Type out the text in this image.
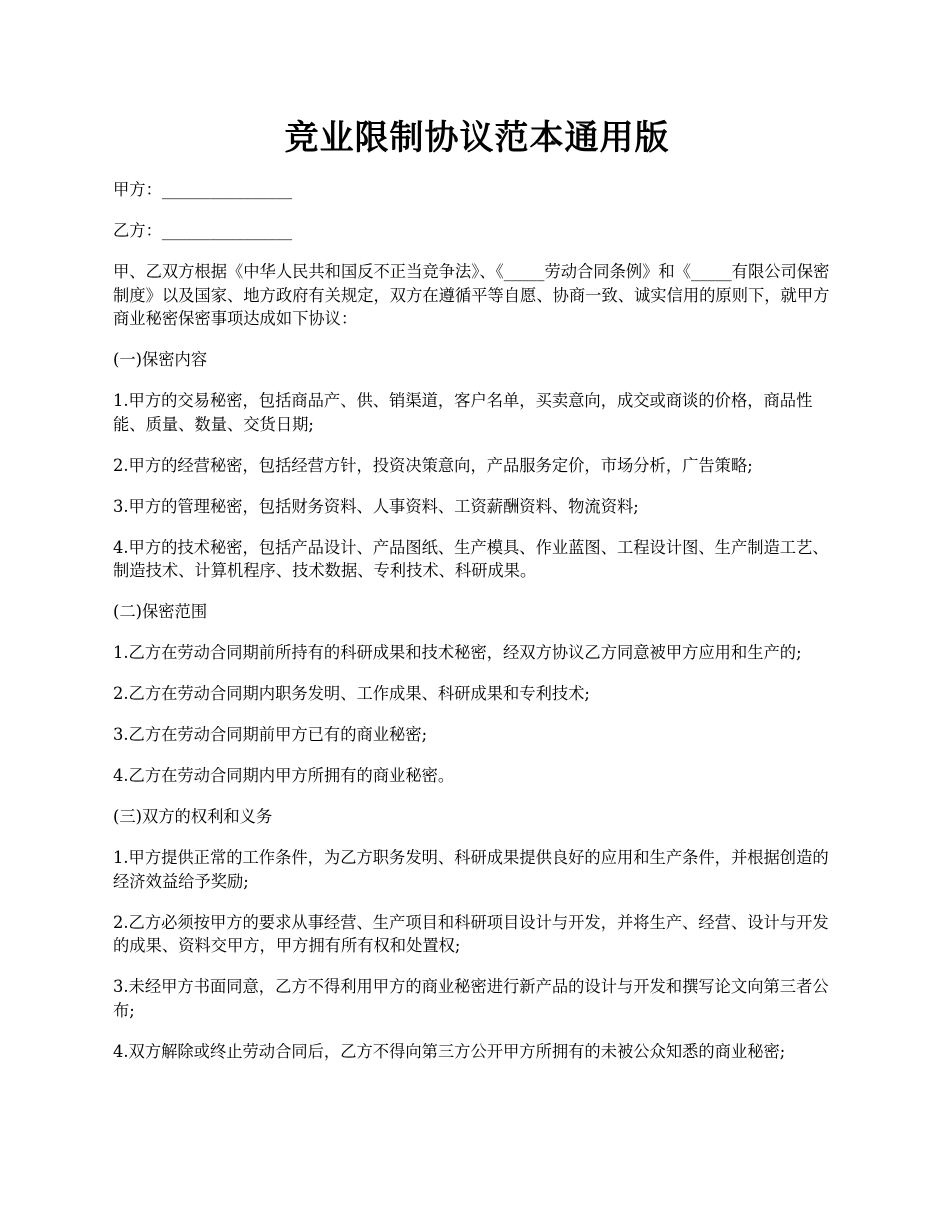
竞业限制协议范本通用版

甲方：________________

乙方：________________

甲、乙双方根据《中华人民共和国反不正当竞争法》、《_____劳动合同条例》和《_____有限公司保密制度》以及国家、地方政府有关规定，双方在遵循平等自愿、协商一致、诚实信用的原则下，就甲方商业秘密保密事项达成如下协议：

(一)保密内容

1.甲方的交易秘密，包括商品产、供、销渠道，客户名单，买卖意向，成交或商谈的价格，商品性能、质量、数量、交货日期;

2.甲方的经营秘密，包括经营方针，投资决策意向，产品服务定价，市场分析，广告策略;

3.甲方的管理秘密，包括财务资料、人事资料、工资薪酬资料、物流资料;

4.甲方的技术秘密，包括产品设计、产品图纸、生产模具、作业蓝图、工程设计图、生产制造工艺、制造技术、计算机程序、技术数据、专利技术、科研成果。

(二)保密范围

1.乙方在劳动合同期前所持有的科研成果和技术秘密，经双方协议乙方同意被甲方应用和生产的;

2.乙方在劳动合同期内职务发明、工作成果、科研成果和专利技术;

3.乙方在劳动合同期前甲方已有的商业秘密;

4.乙方在劳动合同期内甲方所拥有的商业秘密。

(三)双方的权利和义务

1.甲方提供正常的工作条件，为乙方职务发明、科研成果提供良好的应用和生产条件，并根据创造的经济效益给予奖励;

2.乙方必须按甲方的要求从事经营、生产项目和科研项目设计与开发，并将生产、经营、设计与开发的成果、资料交甲方，甲方拥有所有权和处置权;

3.未经甲方书面同意，乙方不得利用甲方的商业秘密进行新产品的设计与开发和撰写论文向第三者公布;

4.双方解除或终止劳动合同后，乙方不得向第三方公开甲方所拥有的未被公众知悉的商业秘密;
